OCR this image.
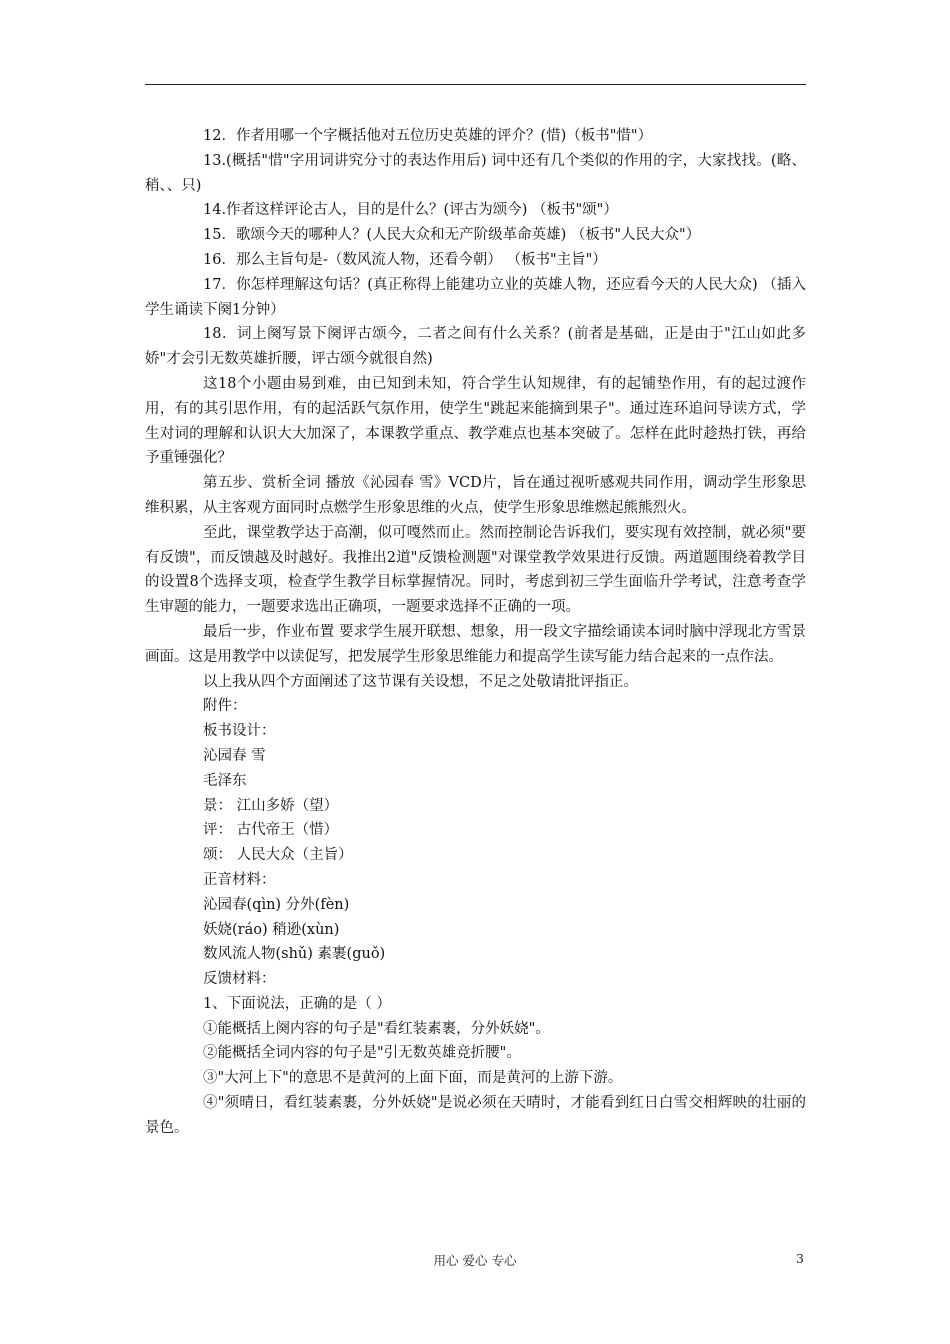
12．作者用哪一个字概括他对五位历史英雄的评介？(惜)（板书"惜"）

13.(概括"惜"字用词讲究分寸的表达作用后) 词中还有几个类似的作用的字，大家找找。(略、稍、、只)

14.作者这样评论古人，目的是什么？(评古为颂今) （板书"颂"）

15．歌颂今天的哪种人？(人民大众和无产阶级革命英雄) （板书"人民大众"）

16．那么主旨句是-（数风流人物，还看今朝） （板书"主旨"）

17．你怎样理解这句话？(真正称得上能建功立业的英雄人物，还应看今天的人民大众) （插入学生诵读下阕1分钟）

18．词上阕写景下阕评古颂今，二者之间有什么关系？(前者是基础，正是由于"江山如此多娇"才会引无数英雄折腰，评古颂今就很自然)

这18个小题由易到难，由已知到未知，符合学生认知规律，有的起铺垫作用，有的起过渡作用，有的其引思作用，有的起活跃气氛作用，使学生"跳起来能摘到果子"。通过连环追问导读方式，学生对词的理解和认识大大加深了，本课教学重点、教学难点也基本突破了。怎样在此时趁热打铁，再给予重锤强化？

第五步、赏析全词 播放《沁园春 雪》VCD片，旨在通过视听感观共同作用，调动学生形象思维积累，从主客观方面同时点燃学生形象思维的火点，使学生形象思维燃起熊熊烈火。

至此，课堂教学达于高潮，似可嘎然而止。然而控制论告诉我们，要实现有效控制，就必须"要有反馈"，而反馈越及时越好。我推出2道"反馈检测题"对课堂教学效果进行反馈。两道题围绕着教学目的设置8个选择支项，检查学生教学目标掌握情况。同时，考虑到初三学生面临升学考试，注意考查学生审题的能力，一题要求选出正确项，一题要求选择不正确的一项。

最后一步，作业布置 要求学生展开联想、想象，用一段文字描绘诵读本词时脑中浮现北方雪景画面。这是用教学中以读促写，把发展学生形象思维能力和提高学生读写能力结合起来的一点作法。

以上我从四个方面阐述了这节课有关设想，不足之处敬请批评指正。

附件：

板书设计：

沁园春 雪

毛泽东

景： 江山多娇（望）

评： 古代帝王（惜）

颂： 人民大众（主旨）

正音材料：

沁园春(qìn) 分外(fèn)

妖娆(ráo) 稍逊(xùn)

数风流人物(shǔ) 素裹(guǒ)

反馈材料：

1、下面说法，正确的是（ ）

①能概括上阕内容的句子是"看红装素裹，分外妖娆"。

②能概括全词内容的句子是"引无数英雄竞折腰"。

③"大河上下"的意思不是黄河的上面下面，而是黄河的上游下游。

④"须晴日，看红装素裹，分外妖娆"是说必须在天晴时，才能看到红日白雪交相辉映的壮丽的景色。

用心 爱心 专心	3
